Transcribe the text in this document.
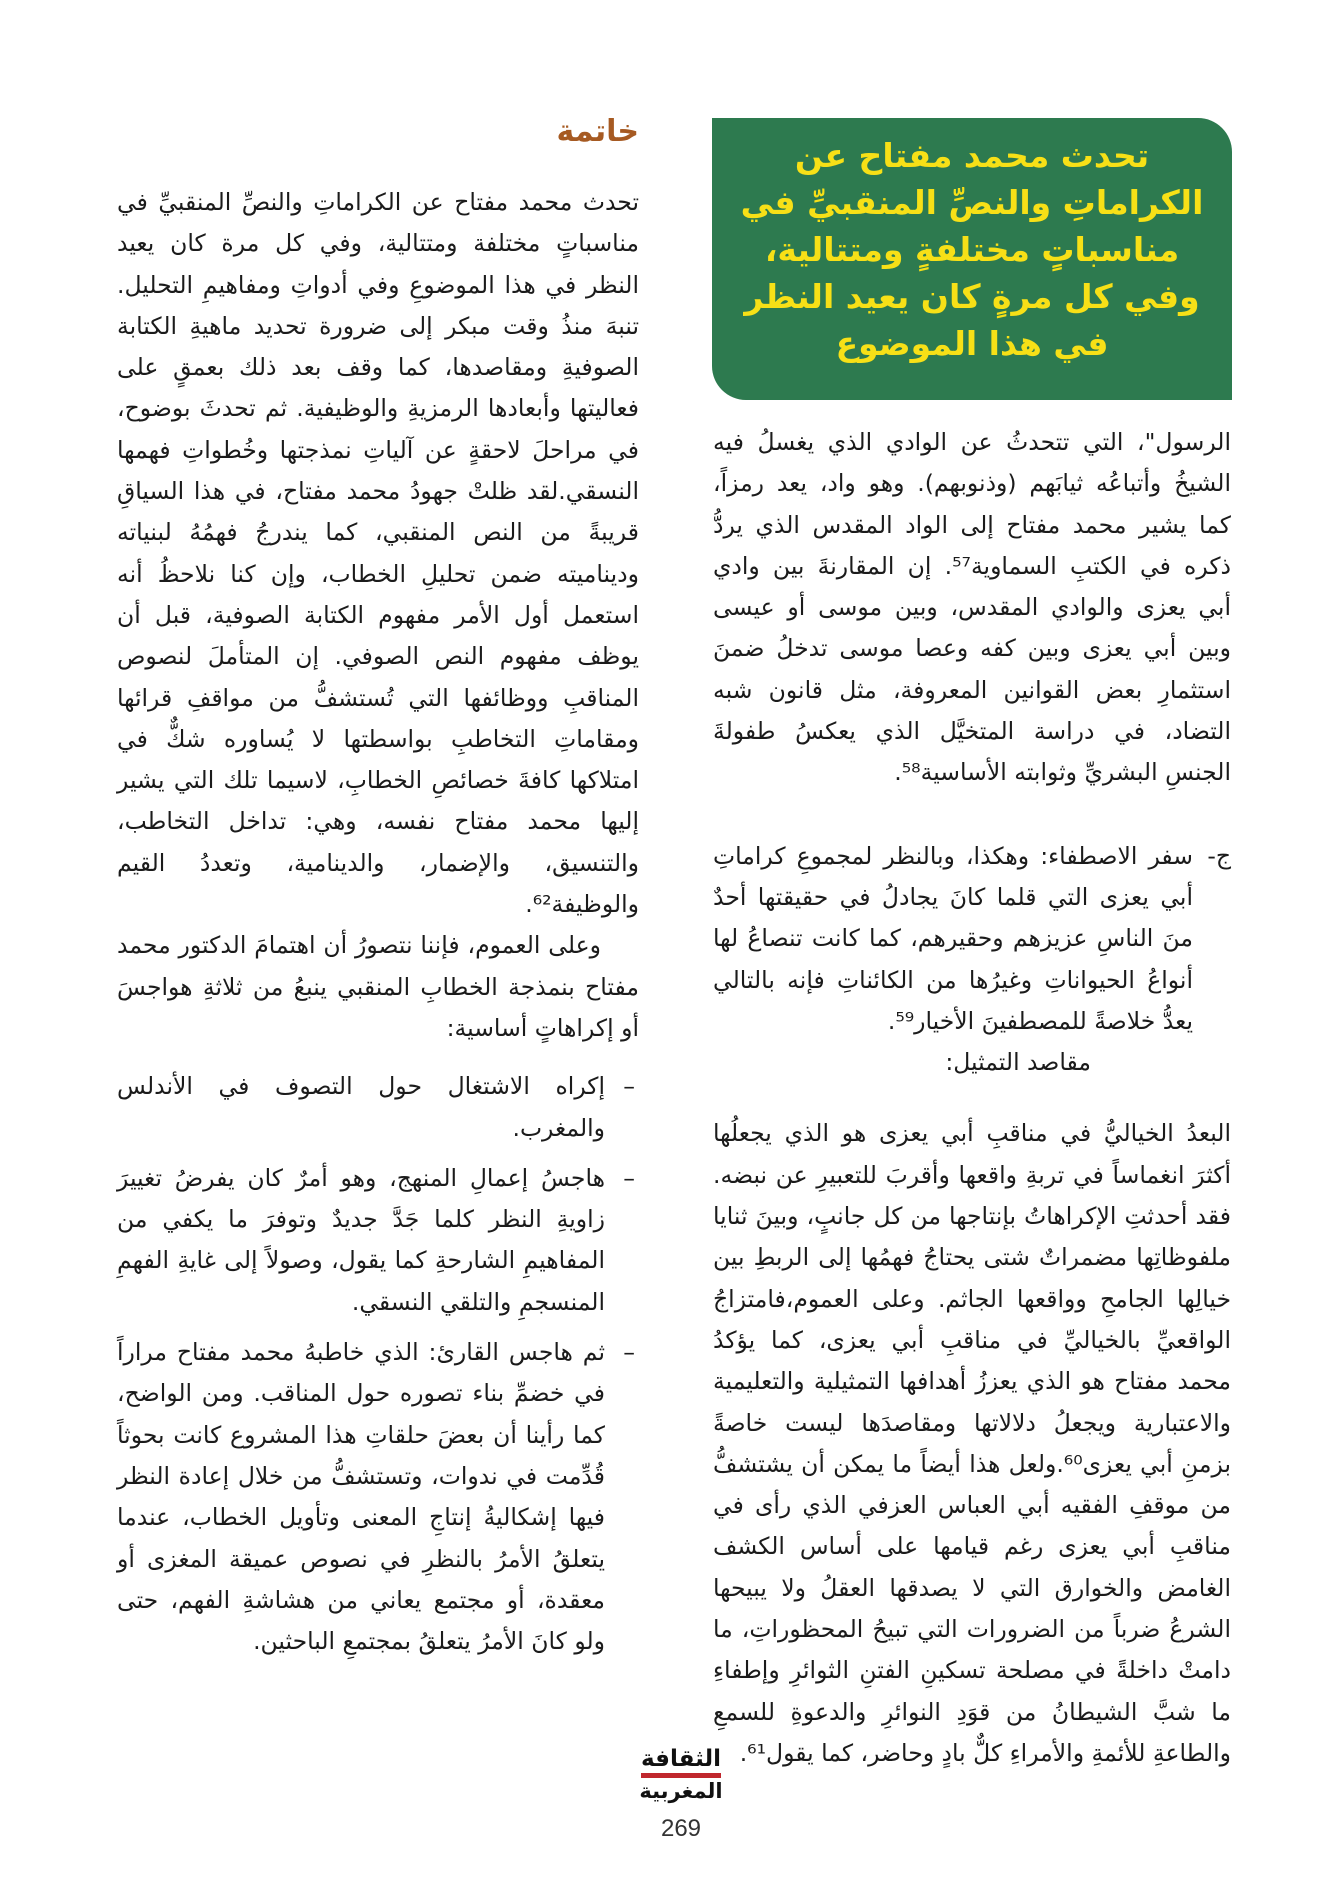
تحدث محمد مفتاح عن
الكراماتِ والنصِّ المنقبيِّ في
مناسباتٍ مختلفةٍ ومتتالية،
وفي كل مرةٍ كان يعيد النظر
في هذا الموضوع
خاتمة

الرسول"، التي تتحدثُ عن الوادي الذي يغسلُ فيه الشيخُ وأتباعُه ثيابَهم (وذنوبهم). وهو واد، يعد رمزاً، كما يشير محمد مفتاح إلى الواد المقدس الذي يردُّ ذكره في الكتبِ السماوية⁵⁷. إن المقارنةَ بين وادي أبي يعزى والوادي المقدس، وبين موسى أو عيسى وبين أبي يعزى وبين كفه وعصا موسى تدخلُ ضمنَ استثمارِ بعض القوانين المعروفة، مثل قانون شبه التضاد، في دراسة المتخيَّل الذي يعكسُ طفولةَ الجنسِ البشريِّ وثوابته الأساسية⁵⁸.

ج-
سفر الاصطفاء: وهكذا، وبالنظر لمجموعِ كراماتِ أبي يعزى التي قلما كانَ يجادلُ في حقيقتها أحدٌ منَ الناسِ عزيزهم وحقيرهم، كما كانت تنصاعُ لها أنواعُ الحيواناتِ وغيرُها من الكائناتِ فإنه بالتالي يعدُّ خلاصةً للمصطفينَ الأخيار⁵⁹.

مقاصد التمثيل:

البعدُ الخياليُّ في مناقبِ أبي يعزى هو الذي يجعلُها أكثرَ انغماساً في تربةِ واقعها وأقربَ للتعبيرِ عن نبضه. فقد أحدثتِ الإكراهاتُ بإنتاجها من كل جانبٍ، وبينَ ثنايا ملفوظاتِها مضمراتٌ شتى يحتاجُ فهمُها إلى الربطِ بين خيالِها الجامحِ وواقعها الجاثم. وعلى العموم،فامتزاجُ الواقعيِّ بالخياليِّ في مناقبِ أبي يعزى، كما يؤكدُ محمد مفتاح هو الذي يعززُ أهدافها التمثيلية والتعليمية والاعتبارية ويجعلُ دلالاتها ومقاصدَها ليست خاصةً بزمنِ أبي يعزى⁶⁰.ولعل هذا أيضاً ما يمكن أن يشتشفُّ من موقفِ الفقيه أبي العباس العزفي الذي رأى في مناقبِ أبي يعزى رغم قيامها على أساس الكشف الغامض والخوارق التي لا يصدقها العقلُ ولا يبيحها الشرعُ ضرباً من الضرورات التي تبيحُ المحظوراتِ، ما دامتْ داخلةً في مصلحة تسكينِ الفتنِ الثوائرِ وإطفاءِ ما شبَّ الشيطانُ من قوَدِ النوائرِ والدعوةِ للسمعِ والطاعةِ للأئمةِ والأمراءِ كلٌّ بادٍ وحاضر، كما يقول⁶¹.

تحدث محمد مفتاح عن الكراماتِ والنصِّ المنقبيِّ في مناسباتٍ مختلفة ومتتالية، وفي كل مرة كان يعيد النظر في هذا الموضوعِ وفي أدواتِ ومفاهيمِ التحليل. تنبهَ منذُ وقت مبكر إلى ضرورة تحديد ماهيةِ الكتابة الصوفيةِ ومقاصدها، كما وقف بعد ذلك بعمقٍ على فعاليتها وأبعادها الرمزيةِ والوظيفية. ثم تحدثَ بوضوح، في مراحلَ لاحقةٍ عن آلياتِ نمذجتها وخُطواتِ فهمها النسقي.لقد ظلتْ جهودُ محمد مفتاح، في هذا السياقِ قريبةً من النص المنقبي، كما يندرجُ فهمُهُ لبنياته ودیناميته ضمن تحليلِ الخطاب، وإن كنا نلاحظُ أنه استعمل أول الأمر مفهوم الكتابة الصوفية، قبل أن يوظف مفهوم النص الصوفي. إن المتأملَ لنصوص المناقبِ ووظائفها التي تُستشفُّ من مواقفِ قرائها ومقاماتِ التخاطبِ بواسطتها لا يُساوره شكٌّ في امتلاكها كافةَ خصائصِ الخطابِ، لاسيما تلك التي يشير إليها محمد مفتاح نفسه، وهي: تداخل التخاطب، والتنسيق، والإضمار، والدينامية، وتعددُ القيم والوظيفة⁶².

وعلى العموم، فإننا نتصورُ أن اهتمامَ الدكتور محمد مفتاح بنمذجة الخطابِ المنقبي ينبعُ من ثلاثةِ هواجسَ أو إكراهاتٍ أساسية:

–
إكراه الاشتغال حول التصوف في الأندلس والمغرب.

–
هاجسُ إعمالِ المنهج، وهو أمرٌ كان يفرضُ تغييرَ زاويةِ النظر كلما جَدَّ جديدٌ وتوفرَ ما يكفي من المفاهيمِ الشارحةِ كما يقول، وصولاً إلى غايةِ الفهمِ المنسجمِ والتلقي النسقي.

–
ثم هاجس القارئ: الذي خاطبهُ محمد مفتاح مراراً في خضمِّ بناء تصوره حول المناقب. ومن الواضح، كما رأينا أن بعضَ حلقاتِ هذا المشروع كانت بحوثاً قُدِّمت في ندوات، وتستشفُّ من خلال إعادة النظر فيها إشكاليةُ إنتاجِ المعنى وتأويل الخطاب، عندما يتعلقُ الأمرُ بالنظرِ في نصوص عميقة المغزى أو معقدة، أو مجتمع يعاني من هشاشةِ الفهم، حتى ولو كانَ الأمرُ يتعلقُ بمجتمعِ الباحثين.

الثقافة
المغربية
269
